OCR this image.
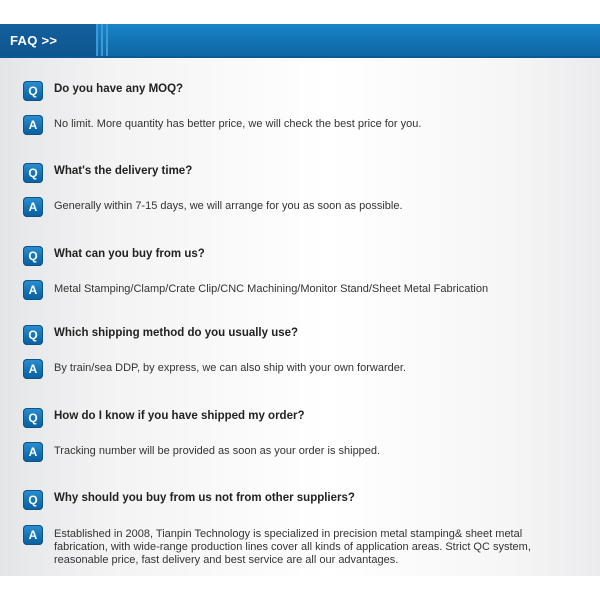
FAQ >>
Q	Do you have any MOQ?
A	No limit. More quantity has better price, we will check the best price for you.
Q	What's the delivery time?
A	Generally within 7-15 days, we will arrange for you as soon as possible.
Q	What can you buy from us?
A	Metal Stamping/Clamp/Crate Clip/CNC Machining/Monitor Stand/Sheet Metal Fabrication
Q	Which shipping method do you usually use?
A	By train/sea DDP, by express, we can also ship with your own forwarder.
Q	How do I know if you have shipped my order?
A	Tracking number will be provided as soon as your order is shipped.
Q	Why should you buy from us not from other suppliers?
A	Established in 2008, Tianpin Technology is specialized in precision metal stamping& sheet metal fabrication, with wide-range production lines cover all kinds of application areas. Strict QC system, reasonable price, fast delivery and best service are all our advantages.
